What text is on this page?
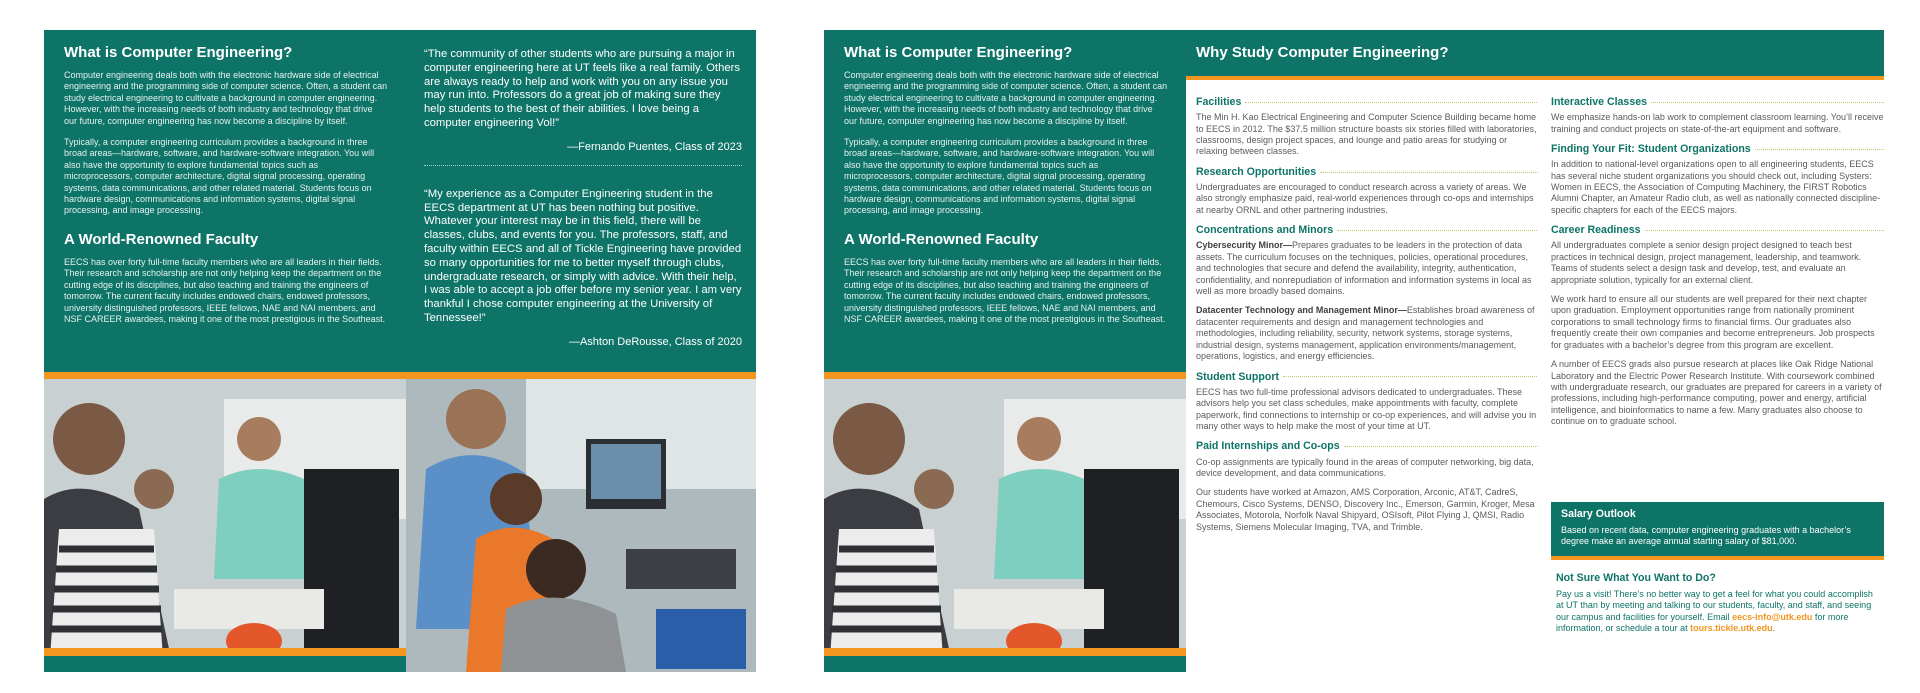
What is Computer Engineering?

Computer engineering deals both with the electronic hardware side of electrical engineering and the programming side of computer science. Often, a student can study electrical engineering to cultivate a background in computer engineering. However, with the increasing needs of both industry and technology that drive our future, computer engineering has now become a discipline by itself.

Typically, a computer engineering curriculum provides a background in three broad areas—hardware, software, and hardware-software integration. You will also have the opportunity to explore fundamental topics such as microprocessors, computer architecture, digital signal processing, operating systems, data communications, and other related material. Students focus on hardware design, communications and information systems, digital signal processing, and image processing.

A World-Renowned Faculty

EECS has over forty full-time faculty members who are all leaders in their fields. Their research and scholarship are not only helping keep the department on the cutting edge of its disciplines, but also teaching and training the engineers of tomorrow. The current faculty includes endowed chairs, endowed professors, university distinguished professors, IEEE fellows, NAE and NAI members, and NSF CAREER awardees, making it one of the most prestigious in the Southeast.

“The community of other students who are pursuing a major in computer engineering here at UT feels like a real family. Others are always ready to help and work with you on any issue you may run into. Professors do a great job of making sure they help students to the best of their abilities. I love being a computer engineering Vol!”

—Fernando Puentes, Class of 2023

“My experience as a Computer Engineering student in the EECS department at UT has been nothing but positive. Whatever your interest may be in this field, there will be classes, clubs, and events for you. The professors, staff, and faculty within EECS and all of Tickle Engineering have provided so many opportunities for me to better myself through clubs, undergraduate research, or simply with advice. With their help, I was able to accept a job offer before my senior year. I am very thankful I chose computer engineering at the University of Tennessee!”

—Ashton DeRousse, Class of 2020

What is Computer Engineering?

Computer engineering deals both with the electronic hardware side of electrical engineering and the programming side of computer science. Often, a student can study electrical engineering to cultivate a background in computer engineering. However, with the increasing needs of both industry and technology that drive our future, computer engineering has now become a discipline by itself.

Typically, a computer engineering curriculum provides a background in three broad areas—hardware, software, and hardware-software integration. You will also have the opportunity to explore fundamental topics such as microprocessors, computer architecture, digital signal processing, operating systems, data communications, and other related material. Students focus on hardware design, communications and information systems, digital signal processing, and image processing.

A World-Renowned Faculty

EECS has over forty full-time faculty members who are all leaders in their fields. Their research and scholarship are not only helping keep the department on the cutting edge of its disciplines, but also teaching and training the engineers of tomorrow. The current faculty includes endowed chairs, endowed professors, university distinguished professors, IEEE fellows, NAE and NAI members, and NSF CAREER awardees, making it one of the most prestigious in the Southeast.

Why Study Computer Engineering?
Facilities

The Min H. Kao Electrical Engineering and Computer Science Building became home to EECS in 2012. The $37.5 million structure boasts six stories filled with laboratories, classrooms, design project spaces, and lounge and patio areas for studying or relaxing between classes.

Research Opportunities

Undergraduates are encouraged to conduct research across a variety of areas. We also strongly emphasize paid, real-world experiences through co-ops and internships at nearby ORNL and other partnering industries.

Concentrations and Minors

Cybersecurity Minor—Prepares graduates to be leaders in the protection of data assets. The curriculum focuses on the techniques, policies, operational procedures, and technologies that secure and defend the availability, integrity, authentication, confidentiality, and nonrepudiation of information and information systems in local as well as more broadly based domains.

Datacenter Technology and Management Minor—Establishes broad awareness of datacenter requirements and design and management technologies and methodologies, including reliability, security, network systems, storage systems, industrial design, systems management, application environments/management, operations, logistics, and energy efficiencies.

Student Support

EECS has two full-time professional advisors dedicated to undergraduates. These advisors help you set class schedules, make appointments with faculty, complete paperwork, find connections to internship or co-op experiences, and will advise you in many other ways to help make the most of your time at UT.

Paid Internships and Co-ops

Co-op assignments are typically found in the areas of computer networking, big data, device development, and data communications.

Our students have worked at Amazon, AMS Corporation, Arconic, AT&T, CadreS, Chemours, Cisco Systems, DENSO, Discovery Inc., Emerson, Garmin, Kroger, Mesa Associates, Motorola, Norfolk Naval Shipyard, OSIsoft, Pilot Flying J, QMSI, Radio Systems, Siemens Molecular Imaging, TVA, and Trimble.

Interactive Classes

We emphasize hands-on lab work to complement classroom learning. You’ll receive training and conduct projects on state-of-the-art equipment and software.

Finding Your Fit: Student Organizations

In addition to national-level organizations open to all engineering students, EECS has several niche student organizations you should check out, including Systers: Women in EECS, the Association of Computing Machinery, the FIRST Robotics Alumni Chapter, an Amateur Radio club, as well as nationally connected discipline-specific chapters for each of the EECS majors.

Career Readiness

All undergraduates complete a senior design project designed to teach best practices in technical design, project management, leadership, and teamwork. Teams of students select a design task and develop, test, and evaluate an appropriate solution, typically for an external client.

We work hard to ensure all our students are well prepared for their next chapter upon graduation. Employment opportunities range from nationally prominent corporations to small technology firms to financial firms. Our graduates also frequently create their own companies and become entrepreneurs. Job prospects for graduates with a bachelor’s degree from this program are excellent.

A number of EECS grads also pursue research at places like Oak Ridge National Laboratory and the Electric Power Research Institute. With coursework combined with undergraduate research, our graduates are prepared for careers in a variety of professions, including high-performance computing, power and energy, artificial intelligence, and bioinformatics to name a few. Many graduates also choose to continue on to graduate school.

Salary Outlook

Based on recent data, computer engineering graduates with a bachelor’s degree make an average annual starting salary of $81,000.

Not Sure What You Want to Do?

Pay us a visit! There’s no better way to get a feel for what you could accomplish at UT than by meeting and talking to our students, faculty, and staff, and seeing our campus and facilities for yourself. Email eecs-info@utk.edu for more information, or schedule a tour at tours.tickle.utk.edu.
